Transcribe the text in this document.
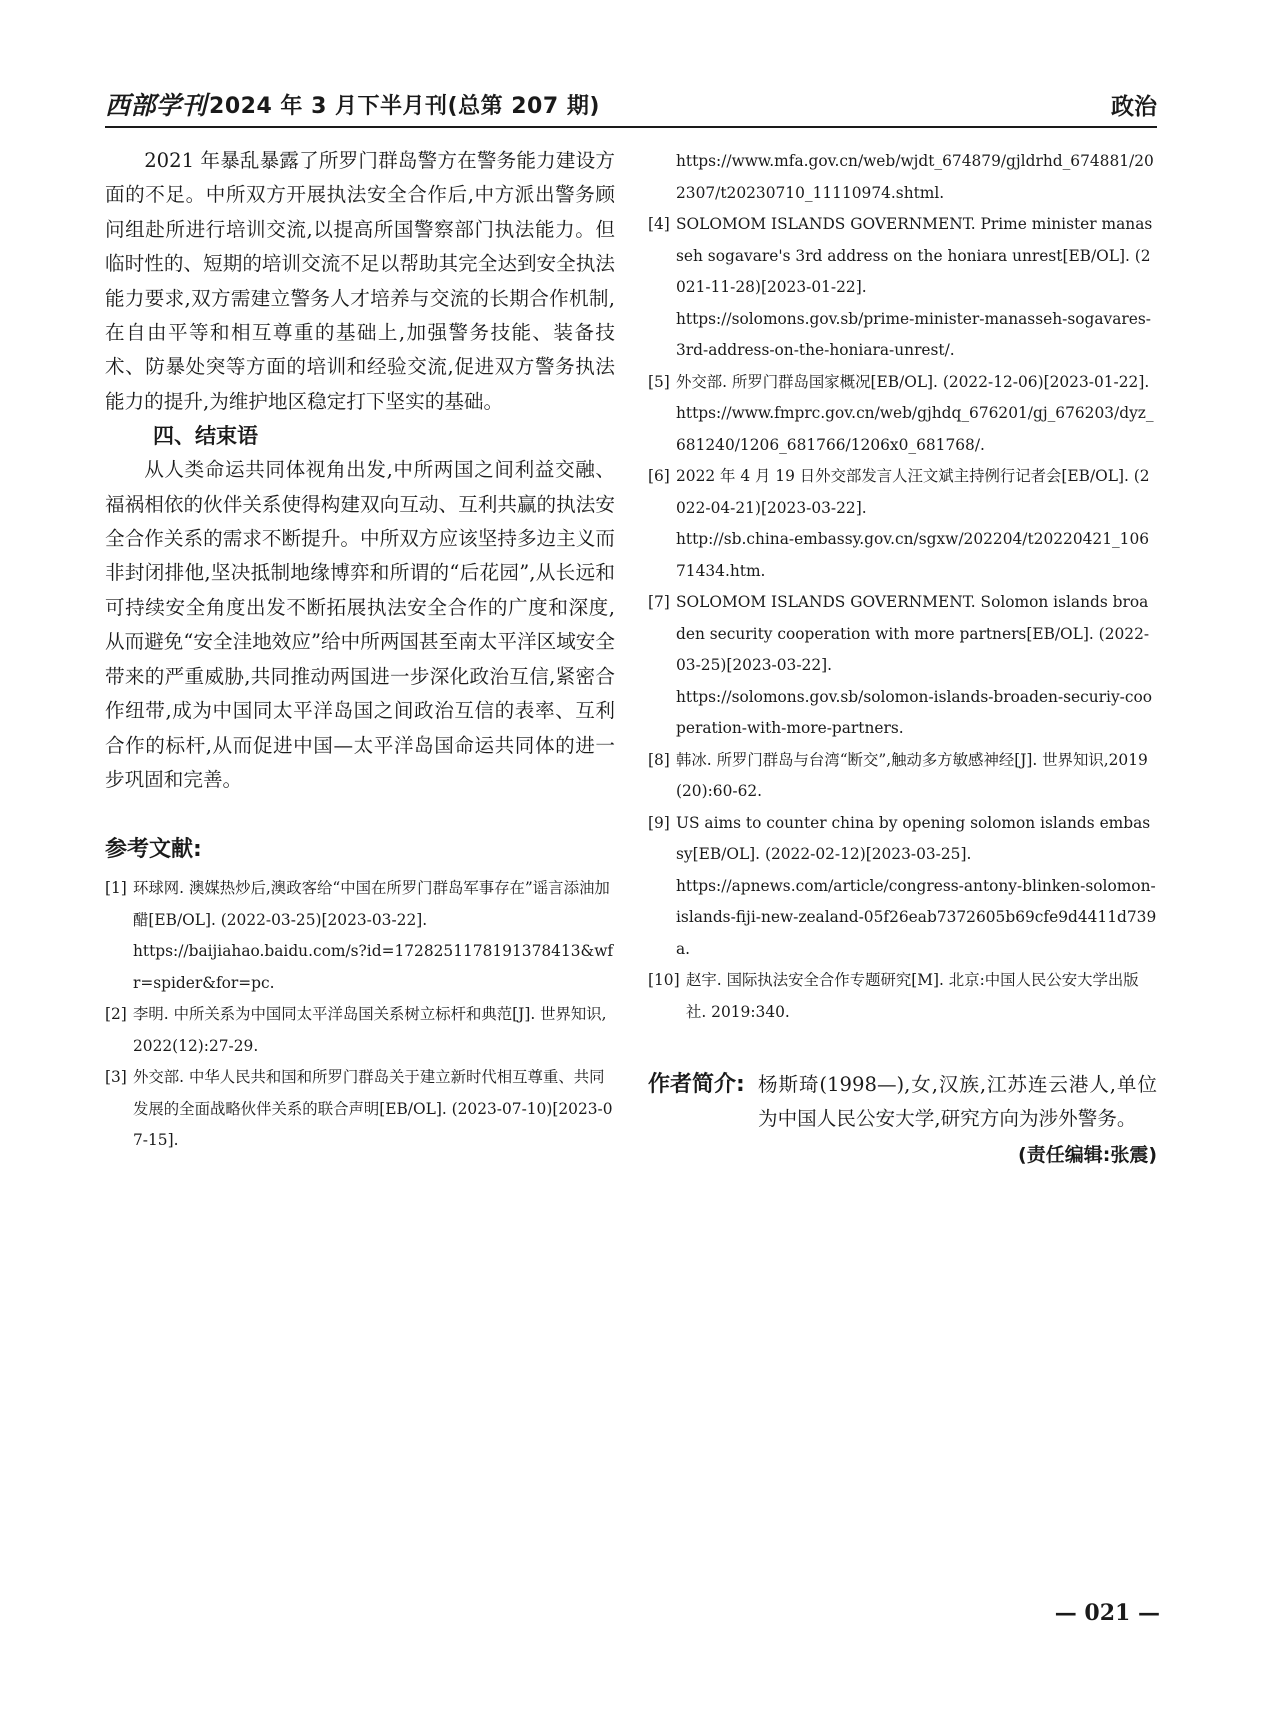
西部学刊 2024 年 3 月下半月刊(总第 207 期)	政治

2021 年暴乱暴露了所罗门群岛警方在警务能力建设方面的不足。中所双方开展执法安全合作后,中方派出警务顾问组赴所进行培训交流,以提高所国警察部门执法能力。但临时性的、短期的培训交流不足以帮助其完全达到安全执法能力要求,双方需建立警务人才培养与交流的长期合作机制,在自由平等和相互尊重的基础上,加强警务技能、装备技术、防暴处突等方面的培训和经验交流,促进双方警务执法能力的提升,为维护地区稳定打下坚实的基础。

四、结束语

从人类命运共同体视角出发,中所两国之间利益交融、福祸相依的伙伴关系使得构建双向互动、互利共赢的执法安全合作关系的需求不断提升。中所双方应该坚持多边主义而非封闭排他,坚决抵制地缘博弈和所谓的“后花园”,从长远和可持续安全角度出发不断拓展执法安全合作的广度和深度,从而避免“安全洼地效应”给中所两国甚至南太平洋区域安全带来的严重威胁,共同推动两国进一步深化政治互信,紧密合作纽带,成为中国同太平洋岛国之间政治互信的表率、互利合作的标杆,从而促进中国—太平洋岛国命运共同体的进一步巩固和完善。

参考文献:
[1] 环球网. 澳媒热炒后,澳政客给“中国在所罗门群岛军事存在”谣言添油加醋[EB/OL]. (2022-03-25)[2023-03-22].
https://baijiahao.baidu.com/s?id=1728251178191378413&wfr=spider&for=pc.
[2] 李明. 中所关系为中国同太平洋岛国关系树立标杆和典范[J]. 世界知识,2022(12):27-29.
[3] 外交部. 中华人民共和国和所罗门群岛关于建立新时代相互尊重、共同发展的全面战略伙伴关系的联合声明[EB/OL]. (2023-07-10)[2023-07-15].
https://www.mfa.gov.cn/web/wjdt_674879/gjldrhd_674881/202307/t20230710_11110974.shtml.
[4] SOLOMOM ISLANDS GOVERNMENT. Prime minister manasseh sogavare's 3rd address on the honiara unrest[EB/OL]. (2021-11-28)[2023-01-22].
https://solomons.gov.sb/prime-minister-manasseh-sogavares-3rd-address-on-the-honiara-unrest/.
[5] 外交部. 所罗门群岛国家概况[EB/OL]. (2022-12-06)[2023-01-22].
https://www.fmprc.gov.cn/web/gjhdq_676201/gj_676203/dyz_681240/1206_681766/1206x0_681768/.
[6] 2022 年 4 月 19 日外交部发言人汪文斌主持例行记者会[EB/OL]. (2022-04-21)[2023-03-22].
http://sb.china-embassy.gov.cn/sgxw/202204/t20220421_10671434.htm.
[7] SOLOMOM ISLANDS GOVERNMENT. Solomon islands broaden security cooperation with more partners[EB/OL]. (2022-03-25)[2023-03-22].
https://solomons.gov.sb/solomon-islands-broaden-securiy-cooperation-with-more-partners.
[8] 韩冰. 所罗门群岛与台湾“断交”,触动多方敏感神经[J]. 世界知识,2019(20):60-62.
[9] US aims to counter china by opening solomon islands embassy[EB/OL]. (2022-02-12)[2023-03-25].
https://apnews.com/article/congress-antony-blinken-solomon-islands-fiji-new-zealand-05f26eab7372605b69cfe9d4411d739a.
[10] 赵宇. 国际执法安全合作专题研究[M]. 北京:中国人民公安大学出版社. 2019:340.
作者简介: 杨斯琦(1998—),女,汉族,江苏连云港人,单位为中国人民公安大学,研究方向为涉外警务。

(责任编辑:张震)
— 021 —
